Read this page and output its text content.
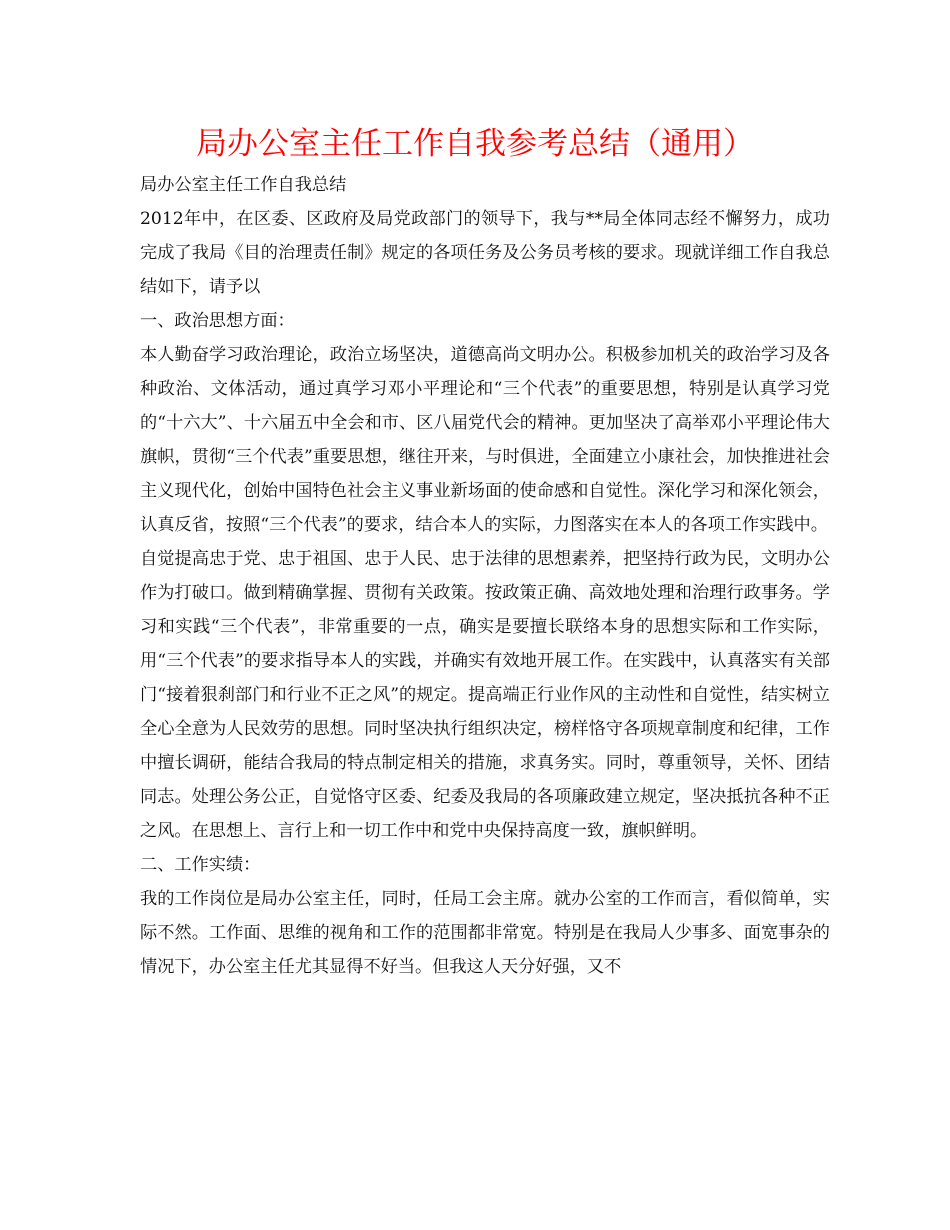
局办公室主任工作自我参考总结（通用）

局办公室主任工作自我总结

2012年中，在区委、区政府及局党政部门的领导下，我与**局全体同志经不懈努力，成功完成了我局《目的治理责任制》规定的各项任务及公务员考核的要求。现就详细工作自我总结如下，请予以

一、政治思想方面：

本人勤奋学习政治理论，政治立场坚决，道德高尚文明办公。积极参加机关的政治学习及各种政治、文体活动，通过真学习邓小平理论和“三个代表”的重要思想，特别是认真学习党的“十六大”、十六届五中全会和市、区八届党代会的精神。更加坚决了高举邓小平理论伟大旗帜，贯彻“三个代表”重要思想，继往开来，与时俱进，全面建立小康社会，加快推进社会主义现代化，创始中国特色社会主义事业新场面的使命感和自觉性。深化学习和深化领会，认真反省，按照“三个代表”的要求，结合本人的实际，力图落实在本人的各项工作实践中。

自觉提高忠于党、忠于祖国、忠于人民、忠于法律的思想素养，把坚持行政为民，文明办公作为打破口。做到精确掌握、贯彻有关政策。按政策正确、高效地处理和治理行政事务。学习和实践“三个代表”，非常重要的一点，确实是要擅长联络本身的思想实际和工作实际，用“三个代表”的要求指导本人的实践，并确实有效地开展工作。在实践中，认真落实有关部门“接着狠刹部门和行业不正之风”的规定。提高端正行业作风的主动性和自觉性，结实树立全心全意为人民效劳的思想。同时坚决执行组织决定，榜样恪守各项规章制度和纪律，工作中擅长调研，能结合我局的特点制定相关的措施，求真务实。同时，尊重领导，关怀、团结同志。处理公务公正，自觉恪守区委、纪委及我局的各项廉政建立规定，坚决抵抗各种不正之风。在思想上、言行上和一切工作中和党中央保持高度一致，旗帜鲜明。

二、工作实绩：

我的工作岗位是局办公室主任，同时，任局工会主席。就办公室的工作而言，看似简单，实际不然。工作面、思维的视角和工作的范围都非常宽。特别是在我局人少事多、面宽事杂的情况下，办公室主任尤其显得不好当。但我这人天分好强，又不
